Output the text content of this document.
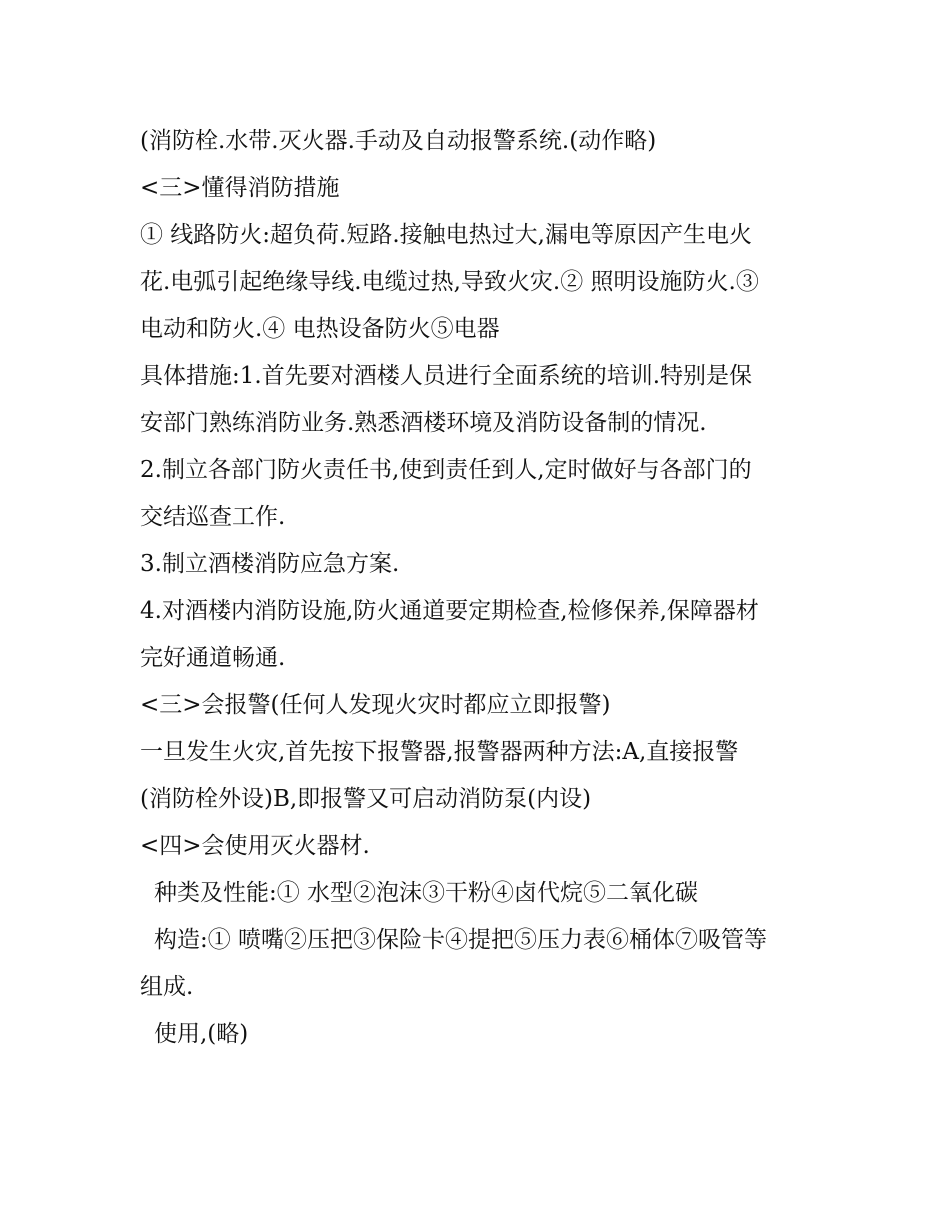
(消防栓.水带.灭火器.手动及自动报警系统.(动作略)
<三>懂得消防措施
① 线路防火:超负荷.短路.接触电热过大,漏电等原因产生电火
花.电弧引起绝缘导线.电缆过热,导致火灾.② 照明设施防火.③
电动和防火.④ 电热设备防火⑤电器
具体措施:1.首先要对酒楼人员进行全面系统的培训.特别是保
安部门熟练消防业务.熟悉酒楼环境及消防设备制的情况.
2.制立各部门防火责任书,使到责任到人,定时做好与各部门的
交结巡查工作.
3.制立酒楼消防应急方案.
4.对酒楼内消防设施,防火通道要定期检查,检修保养,保障器材
完好通道畅通.
<三>会报警(任何人发现火灾时都应立即报警)
一旦发生火灾,首先按下报警器,报警器两种方法:A,直接报警
(消防栓外设)B,即报警又可启动消防泵(内设)
<四>会使用灭火器材.
种类及性能:① 水型②泡沫③干粉④卤代烷⑤二氧化碳
构造:① 喷嘴②压把③保险卡④提把⑤压力表⑥桶体⑦吸管等
组成.
使用,(略)
